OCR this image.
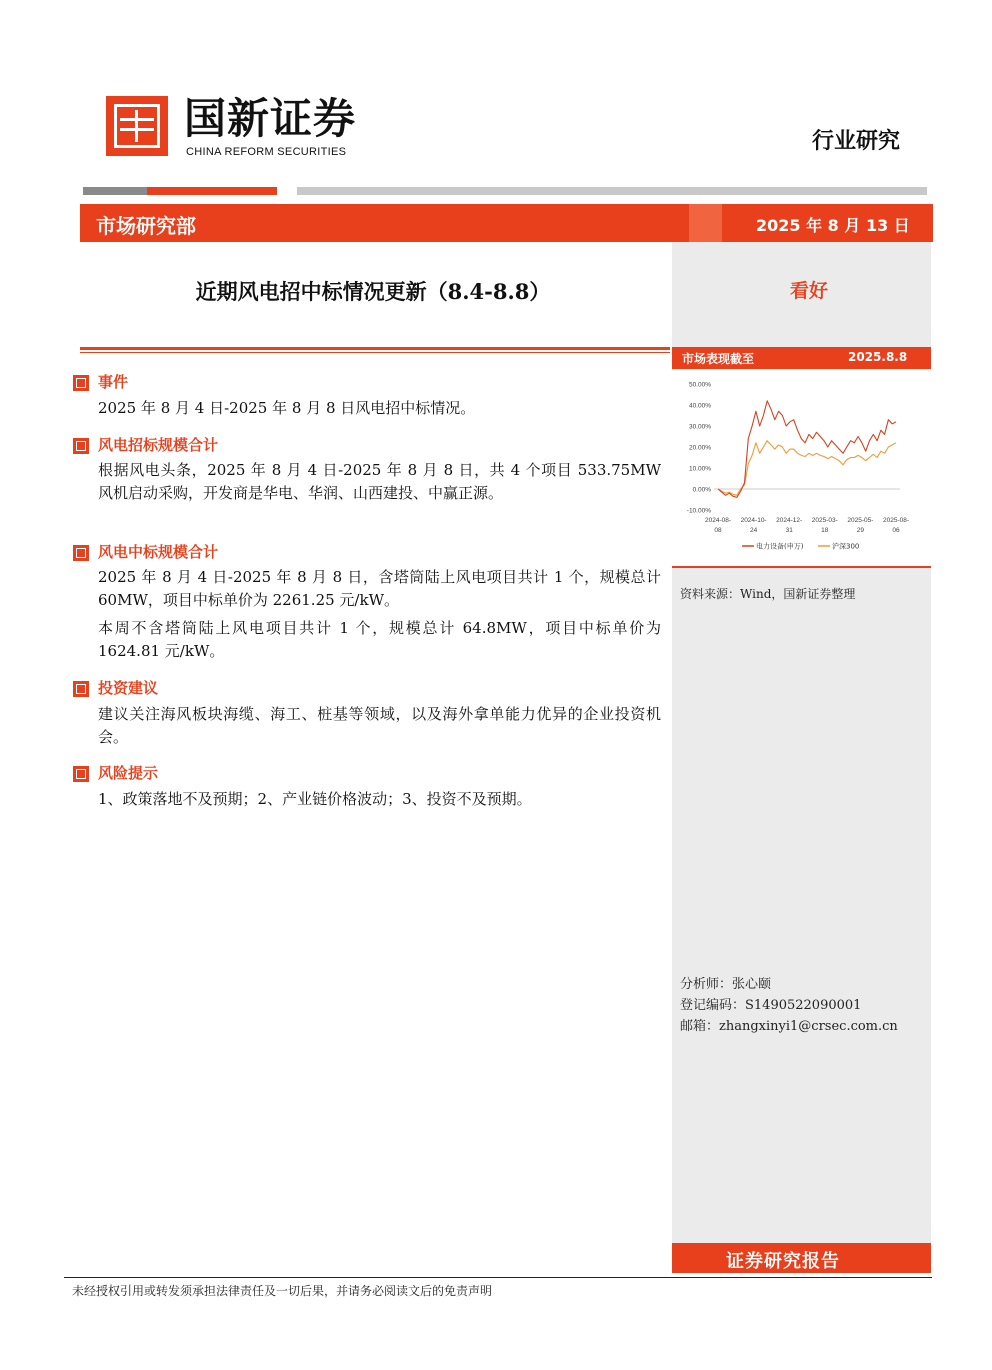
国新证券
CHINA REFORM SECURITIES	行业研究
市场研究部	2025 年 8 月 13 日
看好
市场表现截至	2025.8.8
50.00%
40.00%
30.00%
20.00%
10.00%
0.00%
-10.00%
2024-08-
08
2024-10-
24
2024-12-
31
2025-03-
18
2025-05-
29
2025-08-
06
电力设备(申万)	沪深300
资料来源：Wind，国新证券整理
分析师：张心颐
登记编码：S1490522090001
邮箱：zhangxinyi1@crsec.com.cn
证券研究报告
近期风电招中标情况更新（8.4-8.8）
事件
2025 年 8 月 4 日-2025 年 8 月 8 日风电招中标情况。
风电招标规模合计
根据风电头条，2025 年 8 月 4 日-2025 年 8 月 8 日，共 4 个项目 533.75MW 风机启动采购，开发商是华电、华润、山西建投、中赢正源。
风电中标规模合计
2025 年 8 月 4 日-2025 年 8 月 8 日，含塔筒陆上风电项目共计 1 个，规模总计 60MW，项目中标单价为 2261.25 元/kW。
本周不含塔筒陆上风电项目共计 1 个，规模总计 64.8MW，项目中标单价为 1624.81 元/kW。
投资建议
建议关注海风板块海缆、海工、桩基等领域，以及海外拿单能力优异的企业投资机会。
风险提示
1、政策落地不及预期；2、产业链价格波动；3、投资不及预期。
未经授权引用或转发须承担法律责任及一切后果，并请务必阅读文后的免责声明
